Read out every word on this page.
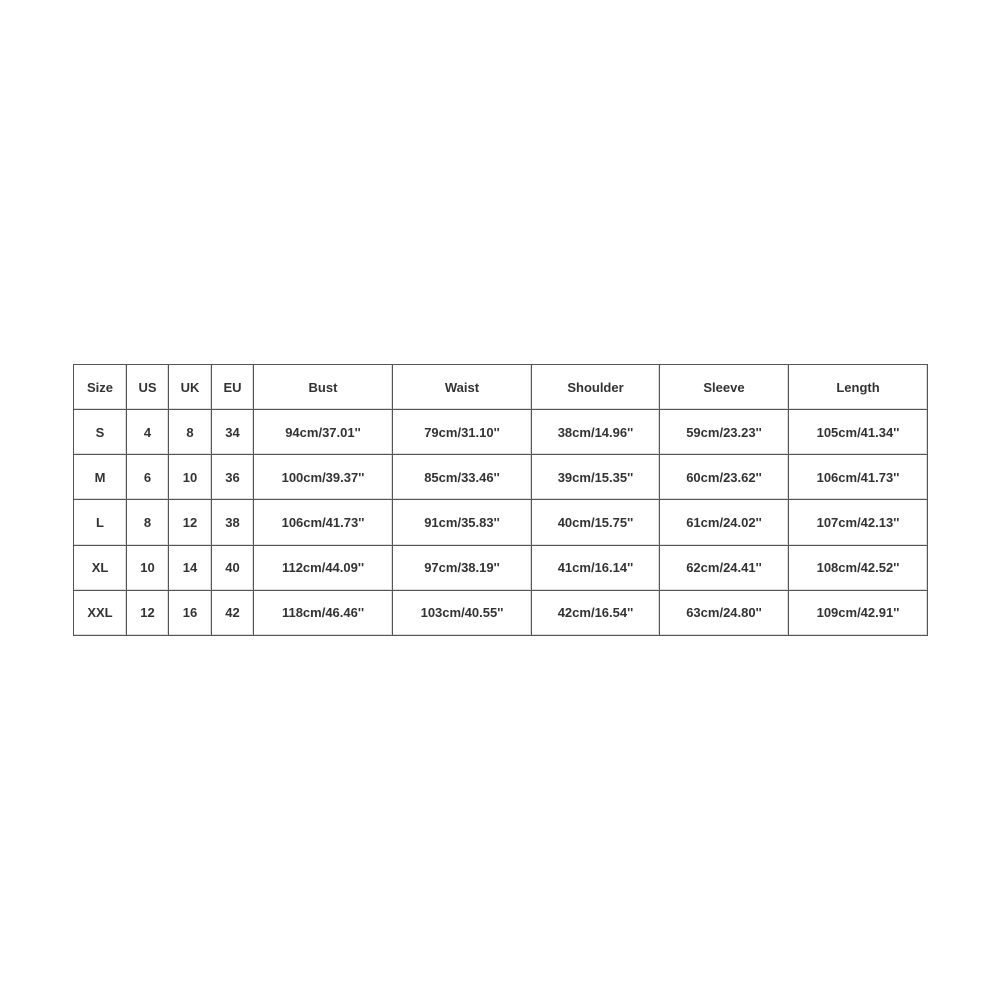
Size	US	UK	EU	Bust	Waist	Shoulder	Sleeve	Length
S	4	8	34	94cm/37.01''	79cm/31.10''	38cm/14.96''	59cm/23.23''	105cm/41.34''
M	6	10	36	100cm/39.37''	85cm/33.46''	39cm/15.35''	60cm/23.62''	106cm/41.73''
L	8	12	38	106cm/41.73''	91cm/35.83''	40cm/15.75''	61cm/24.02''	107cm/42.13''
XL	10	14	40	112cm/44.09''	97cm/38.19''	41cm/16.14''	62cm/24.41''	108cm/42.52''
XXL	12	16	42	118cm/46.46''	103cm/40.55''	42cm/16.54''	63cm/24.80''	109cm/42.91''
